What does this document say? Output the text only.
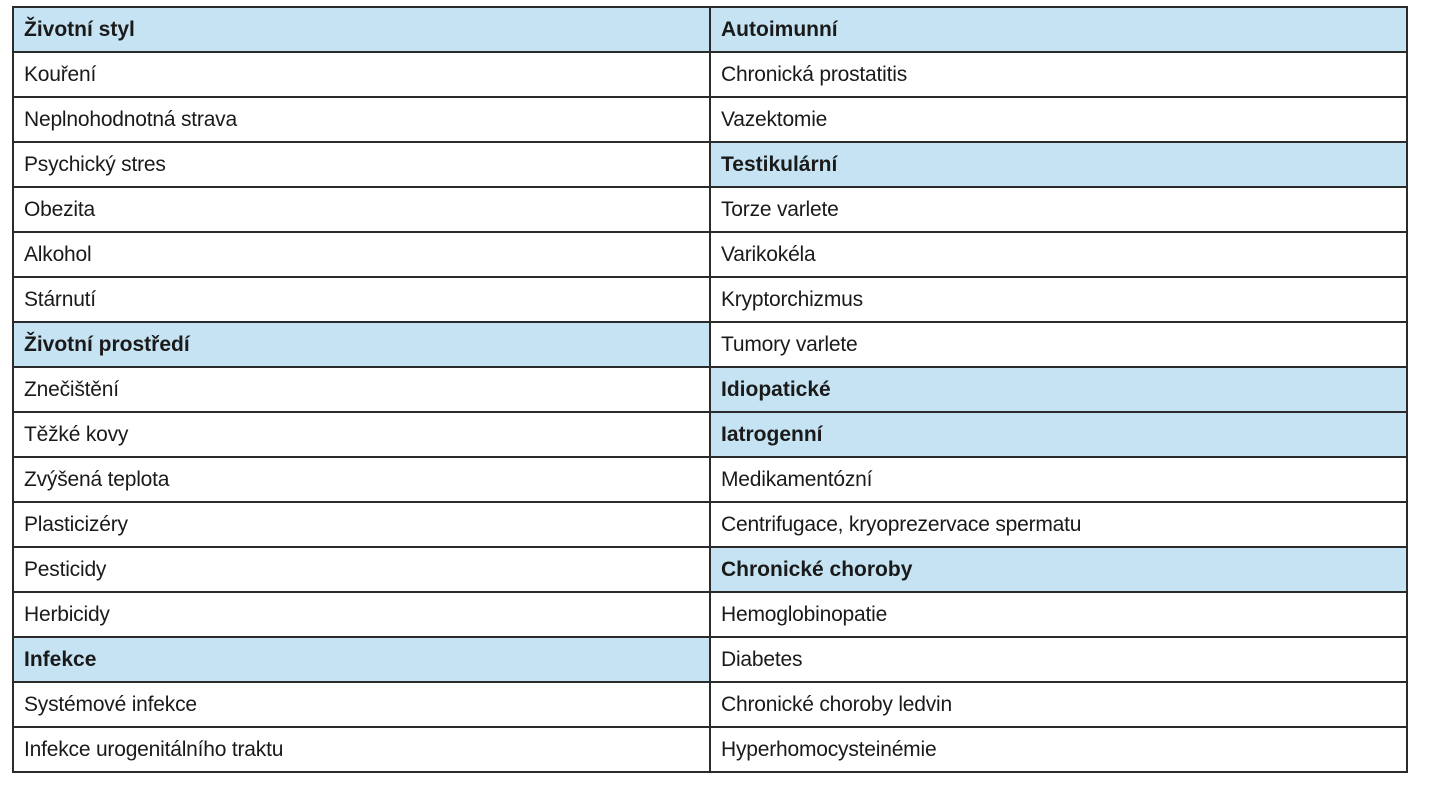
Životní styl	Autoimunní
Kouření	Chronická prostatitis
Neplnohodnotná strava	Vazektomie
Psychický stres	Testikulární
Obezita	Torze varlete
Alkohol	Varikokéla
Stárnutí	Kryptorchizmus
Životní prostředí	Tumory varlete
Znečištění	Idiopatické
Těžké kovy	Iatrogenní
Zvýšená teplota	Medikamentózní
Plasticizéry	Centrifugace, kryoprezervace spermatu
Pesticidy	Chronické choroby
Herbicidy	Hemoglobinopatie
Infekce	Diabetes
Systémové infekce	Chronické choroby ledvin
Infekce urogenitálního traktu	Hyperhomocysteinémie
